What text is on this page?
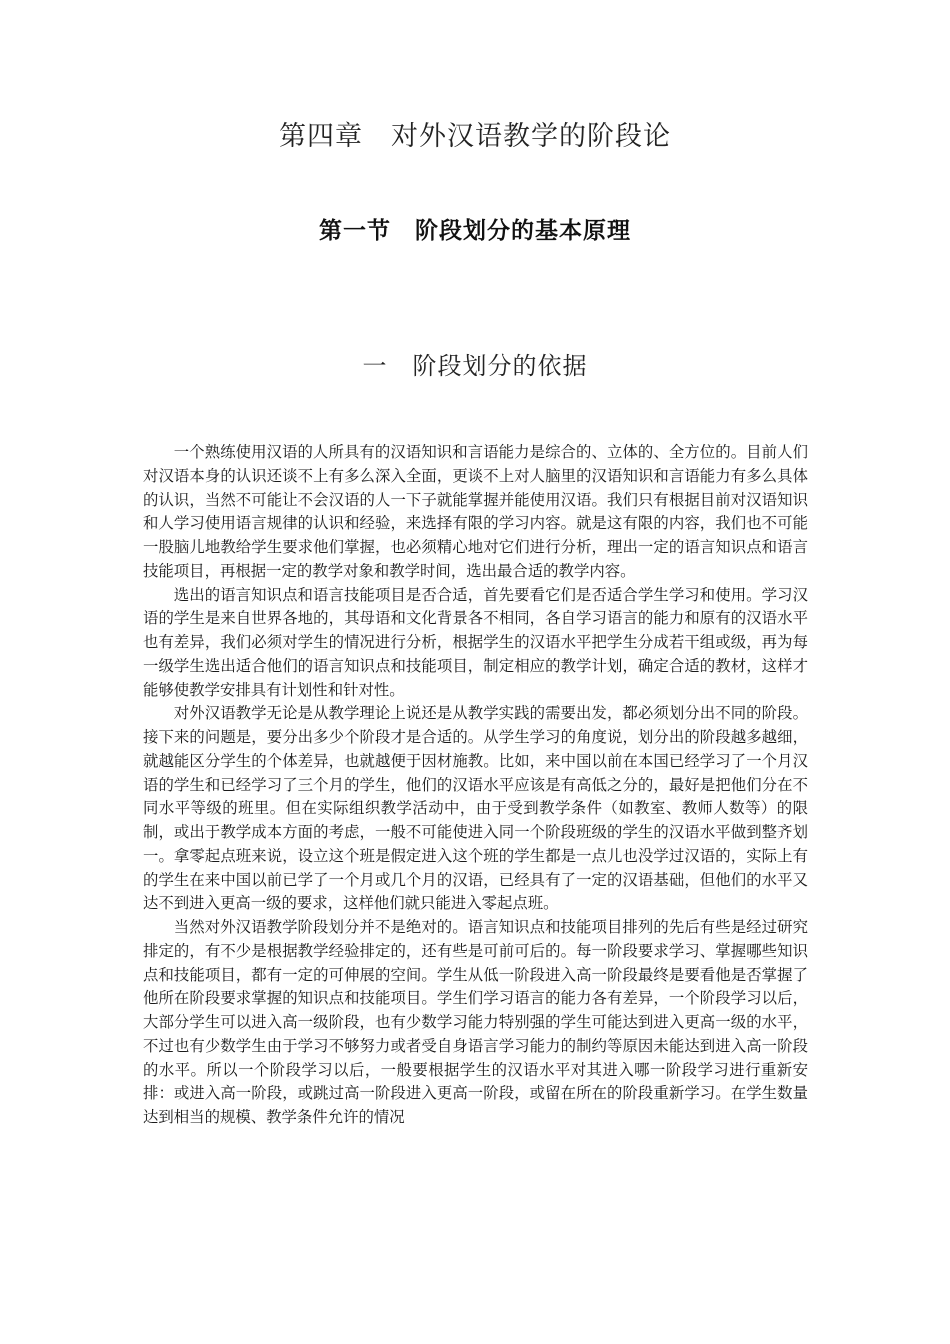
第四章　对外汉语教学的阶段论
第一节　阶段划分的基本原理
一　阶段划分的依据

一个熟练使用汉语的人所具有的汉语知识和言语能力是综合的、立体的、全方位的。目前人们对汉语本身的认识还谈不上有多么深入全面，更谈不上对人脑里的汉语知识和言语能力有多么具体的认识，当然不可能让不会汉语的人一下子就能掌握并能使用汉语。我们只有根据目前对汉语知识和人学习使用语言规律的认识和经验，来选择有限的学习内容。就是这有限的内容，我们也不可能一股脑儿地教给学生要求他们掌握，也必须精心地对它们进行分析，理出一定的语言知识点和语言技能项目，再根据一定的教学对象和教学时间，选出最合适的教学内容。

选出的语言知识点和语言技能项目是否合适，首先要看它们是否适合学生学习和使用。学习汉语的学生是来自世界各地的，其母语和文化背景各不相同，各自学习语言的能力和原有的汉语水平也有差异，我们必须对学生的情况进行分析，根据学生的汉语水平把学生分成若干组或级，再为每一级学生选出适合他们的语言知识点和技能项目，制定相应的教学计划，确定合适的教材，这样才能够使教学安排具有计划性和针对性。

对外汉语教学无论是从教学理论上说还是从教学实践的需要出发，都必须划分出不同的阶段。接下来的问题是，要分出多少个阶段才是合适的。从学生学习的角度说，划分出的阶段越多越细，就越能区分学生的个体差异，也就越便于因材施教。比如，来中国以前在本国已经学习了一个月汉语的学生和已经学习了三个月的学生，他们的汉语水平应该是有高低之分的，最好是把他们分在不同水平等级的班里。但在实际组织教学活动中，由于受到教学条件（如教室、教师人数等）的限制，或出于教学成本方面的考虑，一般不可能使进入同一个阶段班级的学生的汉语水平做到整齐划一。拿零起点班来说，设立这个班是假定进入这个班的学生都是一点儿也没学过汉语的，实际上有的学生在来中国以前已学了一个月或几个月的汉语，已经具有了一定的汉语基础，但他们的水平又达不到进入更高一级的要求，这样他们就只能进入零起点班。

当然对外汉语教学阶段划分并不是绝对的。语言知识点和技能项目排列的先后有些是经过研究排定的，有不少是根据教学经验排定的，还有些是可前可后的。每一阶段要求学习、掌握哪些知识点和技能项目，都有一定的可伸展的空间。学生从低一阶段进入高一阶段最终是要看他是否掌握了他所在阶段要求掌握的知识点和技能项目。学生们学习语言的能力各有差异，一个阶段学习以后，大部分学生可以进入高一级阶段，也有少数学习能力特别强的学生可能达到进入更高一级的水平，不过也有少数学生由于学习不够努力或者受自身语言学习能力的制约等原因未能达到进入高一阶段的水平。所以一个阶段学习以后，一般要根据学生的汉语水平对其进入哪一阶段学习进行重新安排：或进入高一阶段，或跳过高一阶段进入更高一阶段，或留在所在的阶段重新学习。在学生数量达到相当的规模、教学条件允许的情况
